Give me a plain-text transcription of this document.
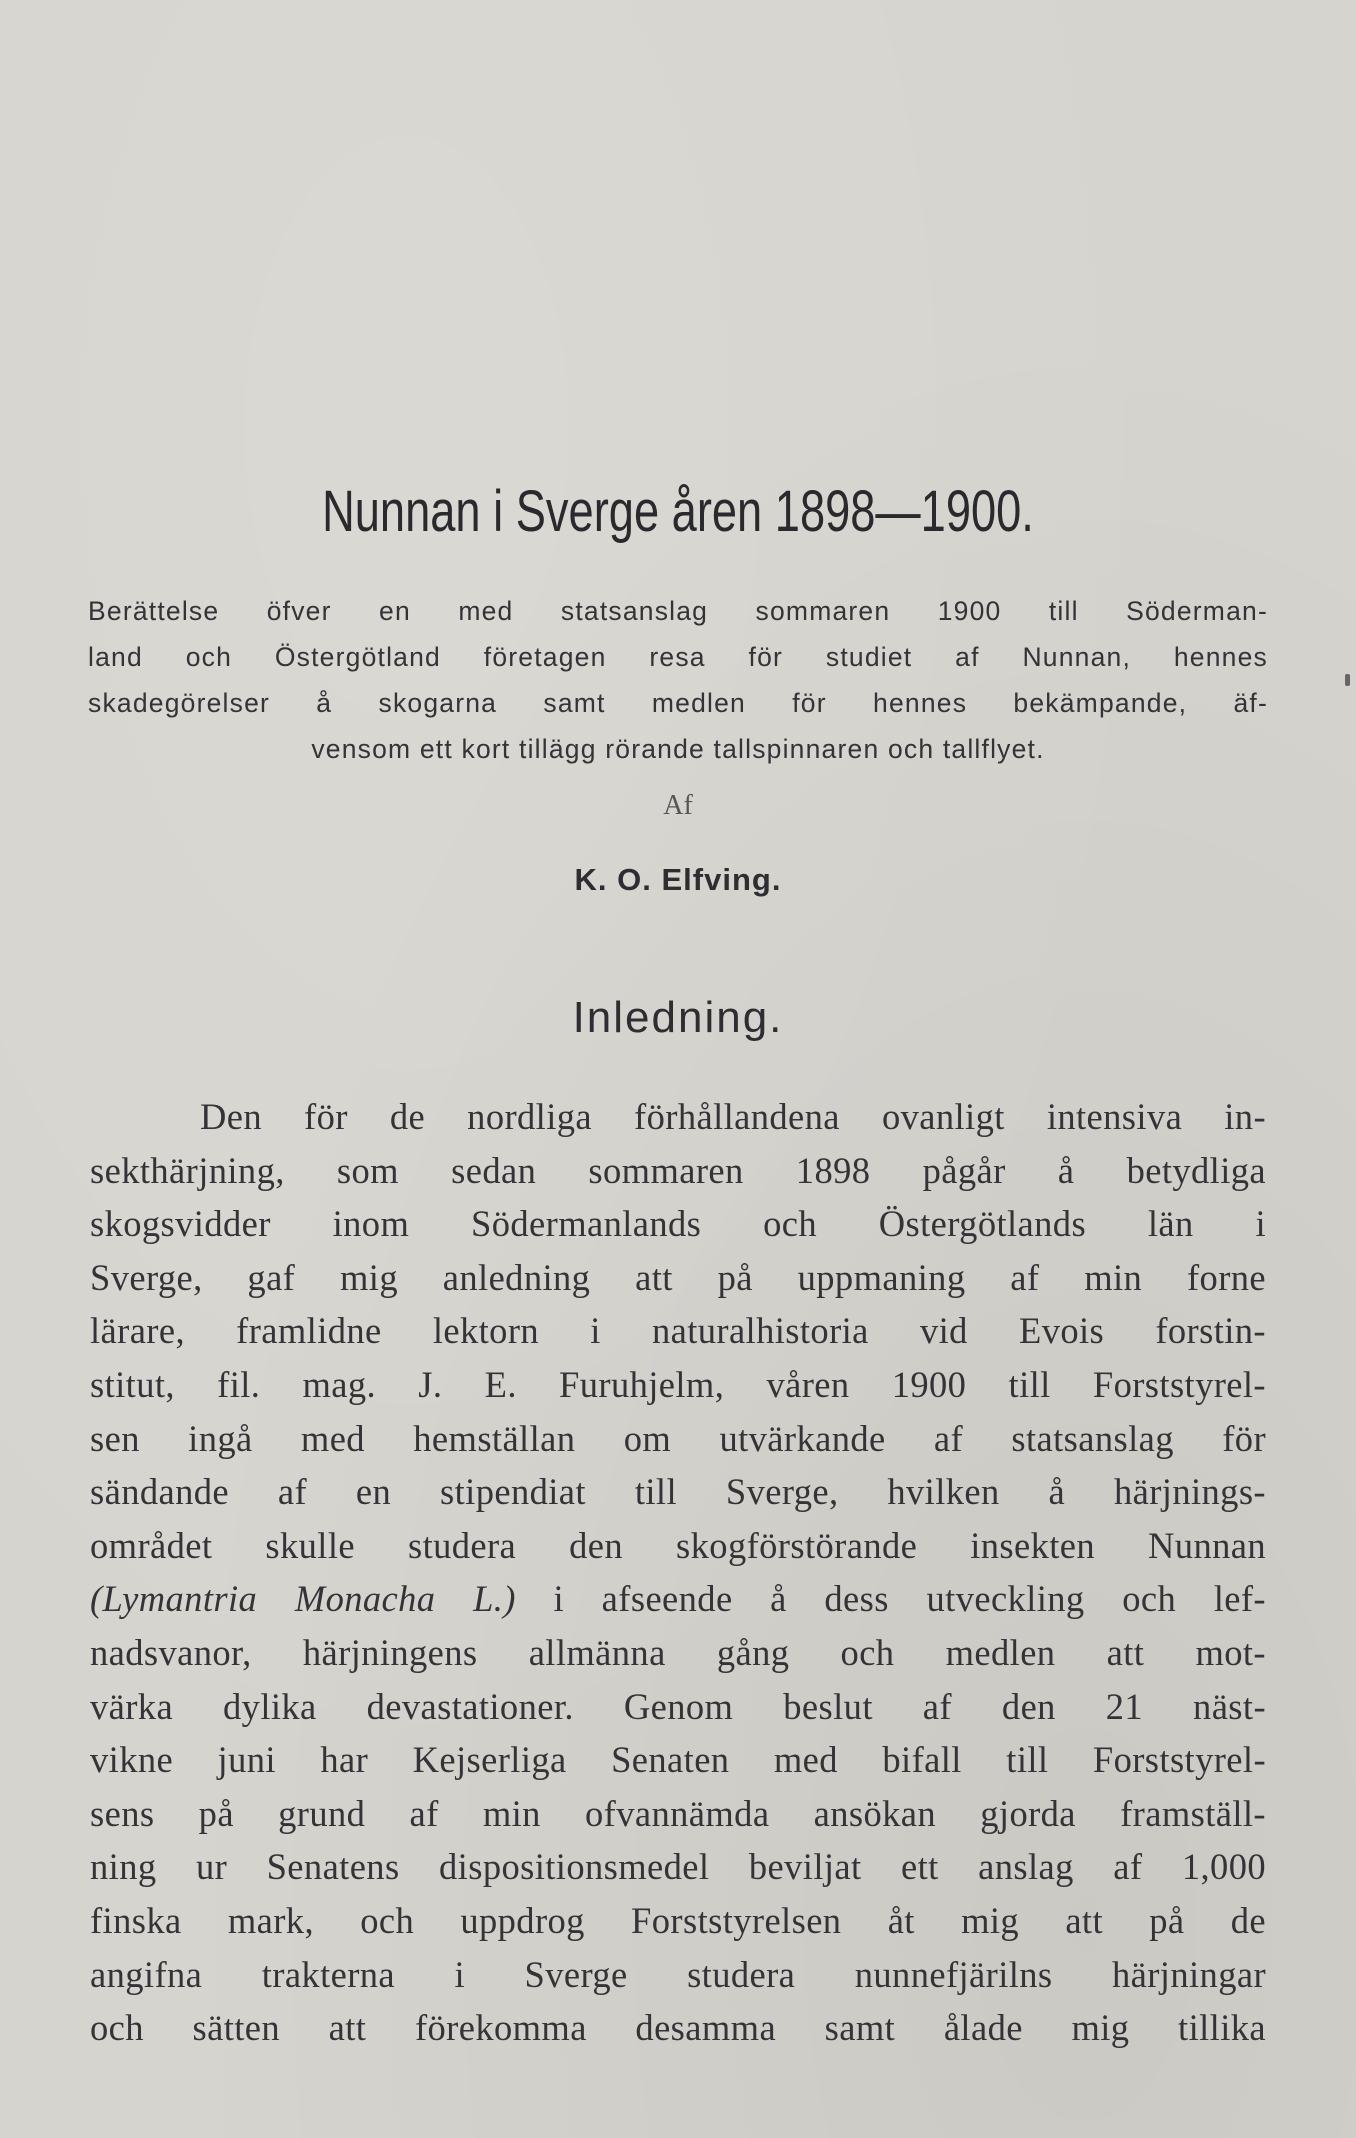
Nunnan i Sverge åren 1898—1900.
Berättelse öfver en med statsanslag sommaren 1900 till Söderman-
land och Östergötland företagen resa för studiet af Nunnan, hennes
skadegörelser å skogarna samt medlen för hennes bekämpande, äf-
vensom ett kort tillägg rörande tallspinnaren och tallflyet.
Af
K. O. Elfving.
Inledning.
Den för de nordliga förhållandena ovanligt intensiva in-
sekthärjning, som sedan sommaren 1898 pågår å betydliga
skogsvidder inom Södermanlands och Östergötlands län i
Sverge, gaf mig anledning att på uppmaning af min forne
lärare, framlidne lektorn i naturalhistoria vid Evois forstin-
stitut, fil. mag. J. E. Furuhjelm, våren 1900 till Forststyrel-
sen ingå med hemställan om utvärkande af statsanslag för
sändande af en stipendiat till Sverge, hvilken å härjnings-
området skulle studera den skogförstörande insekten Nunnan
(Lymantria Monacha L.) i afseende å dess utveckling och lef-
nadsvanor, härjningens allmänna gång och medlen att mot-
värka dylika devastationer. Genom beslut af den 21 näst-
vikne juni har Kejserliga Senaten med bifall till Forststyrel-
sens på grund af min ofvannämda ansökan gjorda framställ-
ning ur Senatens dispositionsmedel beviljat ett anslag af 1,000
finska mark, och uppdrog Forststyrelsen åt mig att på de
angifna trakterna i Sverge studera nunnefjärilns härjningar
och sätten att förekomma desamma samt ålade mig tillika
